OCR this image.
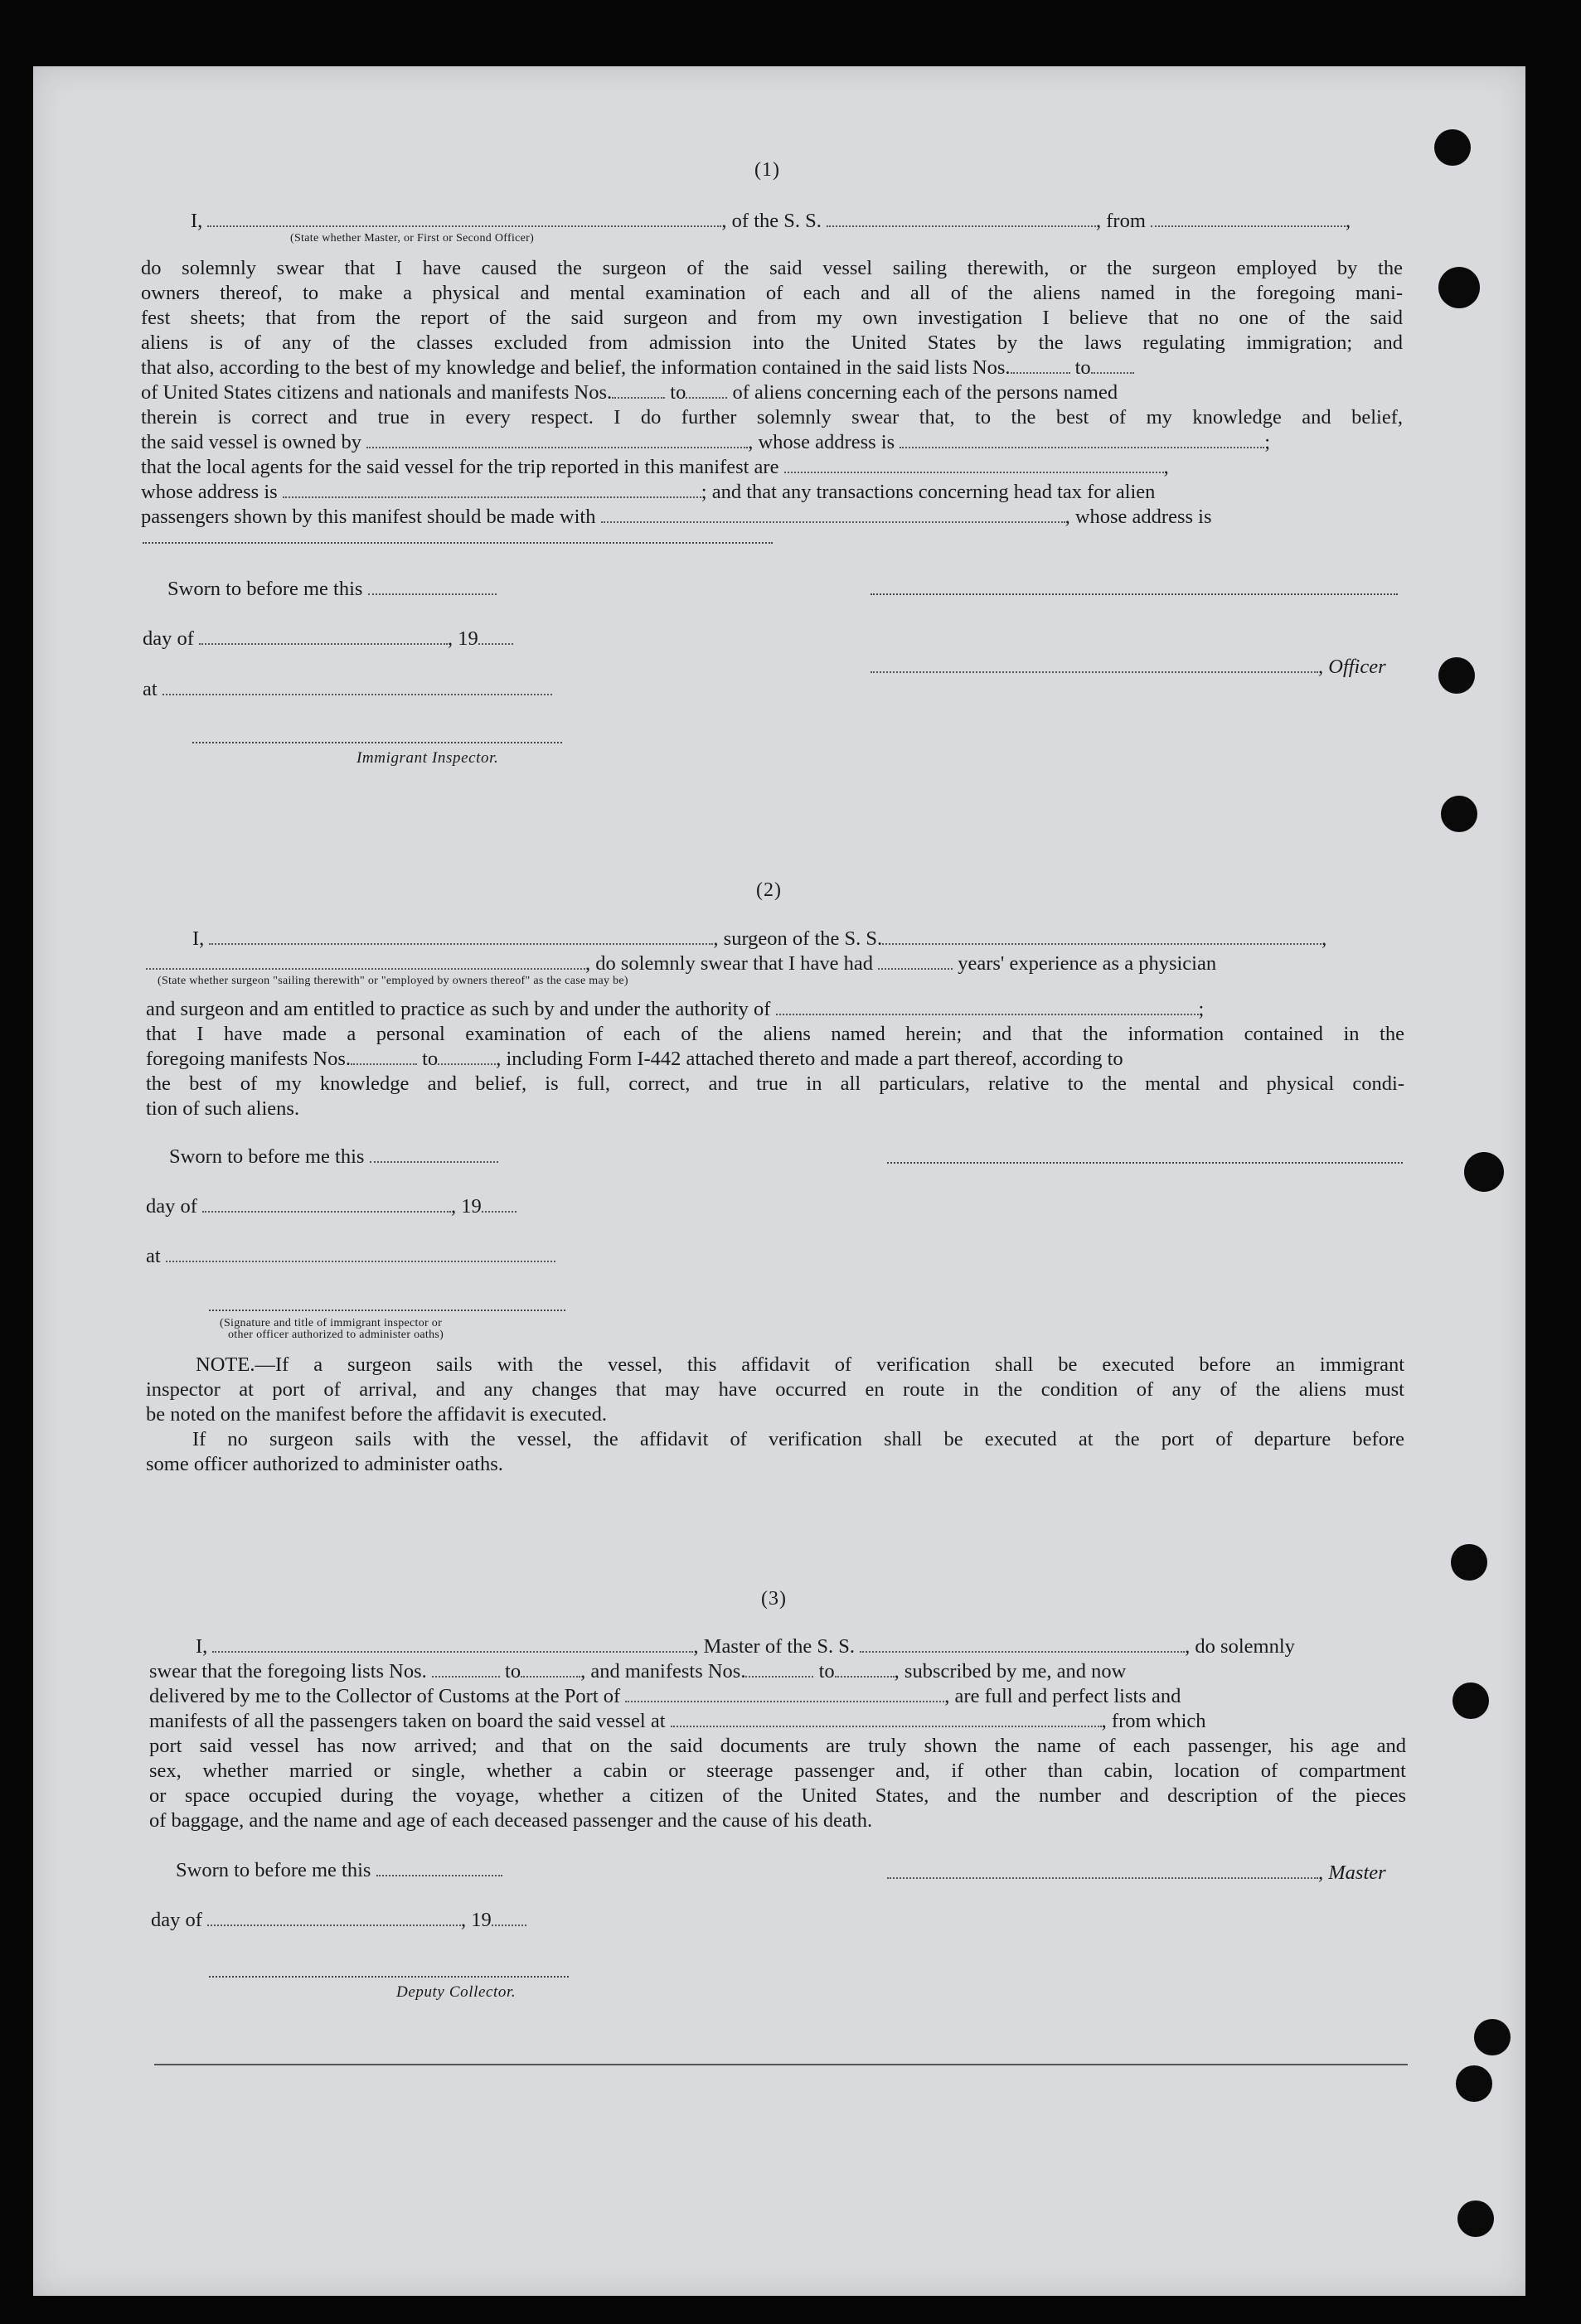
(1)
I,	, of the S. S.	, from	,
(State whether Master, or First or Second Officer)
do solemnly swear that I have caused the surgeon of the said vessel sailing therewith, or the surgeon employed by the
owners thereof, to make a physical and mental examination of each and all of the aliens named in the foregoing mani-
fest sheets; that from the report of the said surgeon and from my own investigation I believe that no one of the said
aliens is of any of the classes excluded from admission into the United States by the laws regulating immigration; and
that also, according to the best of my knowledge and belief, the information contained in the said lists Nos.	to
of United States citizens and nationals and manifests Nos.	to of aliens concerning each of the persons named
therein is correct and true in every respect. I do further solemnly swear that, to the best of my knowledge and belief,
the said vessel is owned by	, whose address is	;
that the local agents for the said vessel for the trip reported in this manifest are	,
whose address is	; and that any transactions concerning head tax for alien
passengers shown by this manifest should be made with	, whose address is
Sworn to before me this
day of	, 19
, Officer
at
Immigrant Inspector.
(2)
I,	, surgeon of the S. S.	,
, do solemnly swear that I have had	years' experience as a physician
(State whether surgeon "sailing therewith" or "employed by owners thereof" as the case may be)
and surgeon and am entitled to practice as such by and under the authority of	;
that I have made a personal examination of each of the aliens named herein; and that the information contained in the
foregoing manifests Nos.	to	, including Form I-442 attached thereto and made a part thereof, according to
the best of my knowledge and belief, is full, correct, and true in all particulars, relative to the mental and physical condi-
tion of such aliens.
Sworn to before me this
day of	, 19
at
(Signature and title of immigrant inspector or
other officer authorized to administer oaths)
NOTE.—If a surgeon sails with the vessel, this affidavit of verification shall be executed before an immigrant
inspector at port of arrival, and any changes that may have occurred en route in the condition of any of the aliens must
be noted on the manifest before the affidavit is executed.
If no surgeon sails with the vessel, the affidavit of verification shall be executed at the port of departure before
some officer authorized to administer oaths.
(3)
I,	, Master of the S. S.	, do solemnly
swear that the foregoing lists Nos.	to	, and manifests Nos.	to	, subscribed by me, and now
delivered by me to the Collector of Customs at the Port of	, are full and perfect lists and
manifests of all the passengers taken on board the said vessel at	, from which
port said vessel has now arrived; and that on the said documents are truly shown the name of each passenger, his age and
sex, whether married or single, whether a cabin or steerage passenger and, if other than cabin, location of compartment
or space occupied during the voyage, whether a citizen of the United States, and the number and description of the pieces
of baggage, and the name and age of each deceased passenger and the cause of his death.
Sworn to before me this	, Master
day of	, 19
Deputy Collector.
